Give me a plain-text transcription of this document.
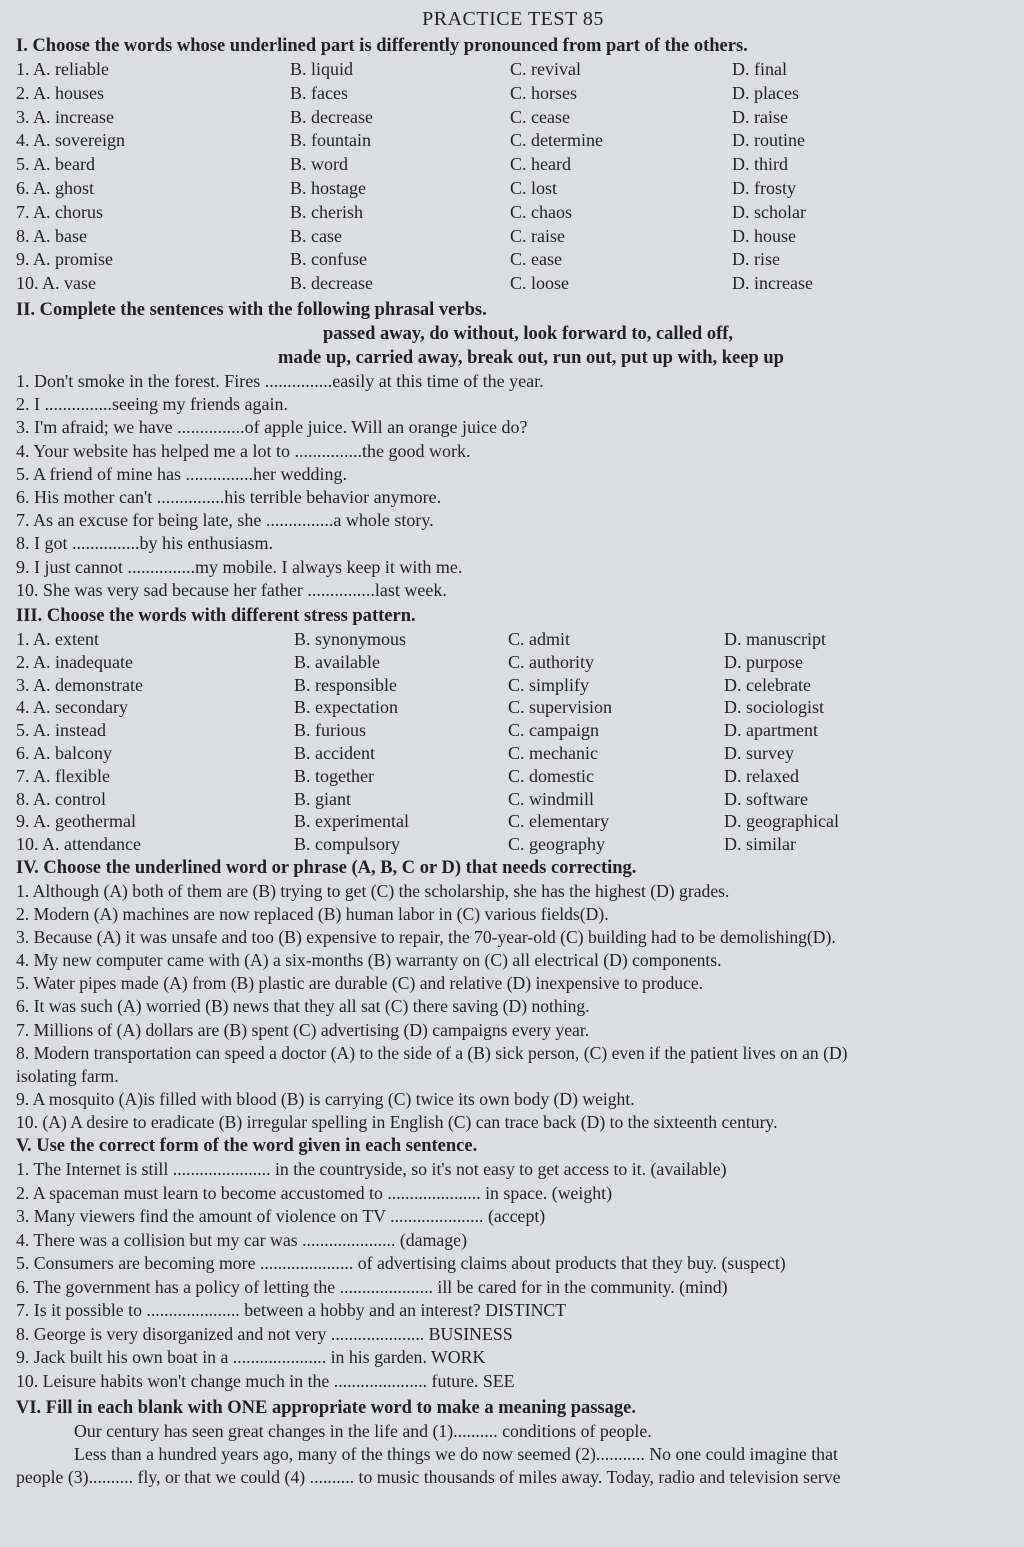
PRACTICE TEST 85
I. Choose the words whose underlined part is differently pronounced from part of the others.
1. A. reliable	B. liquid	C. revival	D. final
2. A. houses	B. faces	C. horses	D. places
3. A. increase	B. decrease	C. cease	D. raise
4. A. sovereign	B. fountain	C. determine	D. routine
5. A. beard	B. word	C. heard	D. third
6. A. ghost	B. hostage	C. lost	D. frosty
7. A. chorus	B. cherish	C. chaos	D. scholar
8. A. base	B. case	C. raise	D. house
9. A. promise	B. confuse	C. ease	D. rise
10. A. vase	B. decrease	C. loose	D. increase
II. Complete the sentences with the following phrasal verbs.
passed away, do without, look forward to, called off,
made up, carried away, break out, run out, put up with, keep up
1. Don't smoke in the forest. Fires ...............easily at this time of the year.
2. I ...............seeing my friends again.
3. I'm afraid; we have ...............of apple juice. Will an orange juice do?
4. Your website has helped me a lot to ...............the good work.
5. A friend of mine has ...............her wedding.
6. His mother can't ...............his terrible behavior anymore.
7. As an excuse for being late, she ...............a whole story.
8. I got ...............by his enthusiasm.
9. I just cannot ...............my mobile. I always keep it with me.
10. She was very sad because her father ...............last week.
III. Choose the words with different stress pattern.
1. A. extent	B. synonymous	C. admit	D. manuscript
2. A. inadequate	B. available	C. authority	D. purpose
3. A. demonstrate	B. responsible	C. simplify	D. celebrate
4. A. secondary	B. expectation	C. supervision	D. sociologist
5. A. instead	B. furious	C. campaign	D. apartment
6. A. balcony	B. accident	C. mechanic	D. survey
7. A. flexible	B. together	C. domestic	D. relaxed
8. A. control	B. giant	C. windmill	D. software
9. A. geothermal	B. experimental	C. elementary	D. geographical
10. A. attendance	B. compulsory	C. geography	D. similar
IV. Choose the underlined word or phrase (A, B, C or D) that needs correcting.
1. Although (A) both of them are (B) trying to get (C) the scholarship, she has the highest (D) grades.
2. Modern (A) machines are now replaced (B) human labor in (C) various fields(D).
3. Because (A) it was unsafe and too (B) expensive to repair, the 70-year-old (C) building had to be demolishing(D).
4. My new computer came with (A) a six-months (B) warranty on (C) all electrical (D) components.
5. Water pipes made (A) from (B) plastic are durable (C) and relative (D) inexpensive to produce.
6. It was such (A) worried (B) news that they all sat (C) there saving (D) nothing.
7. Millions of (A) dollars are (B) spent (C) advertising (D) campaigns every year.
8. Modern transportation can speed a doctor (A) to the side of a (B) sick person, (C) even if the patient lives on an (D)
isolating farm.
9. A mosquito (A)is filled with blood (B) is carrying (C) twice its own body (D) weight.
10. (A) A desire to eradicate (B) irregular spelling in English (C) can trace back (D) to the sixteenth century.
V. Use the correct form of the word given in each sentence.
1. The Internet is still ...................... in the countryside, so it's not easy to get access to it. (available)
2. A spaceman must learn to become accustomed to ..................... in space. (weight)
3. Many viewers find the amount of violence on TV ..................... (accept)
4. There was a collision but my car was ..................... (damage)
5. Consumers are becoming more ..................... of advertising claims about products that they buy. (suspect)
6. The government has a policy of letting the ..................... ill be cared for in the community. (mind)
7. Is it possible to ..................... between a hobby and an interest? DISTINCT
8. George is very disorganized and not very ..................... BUSINESS
9. Jack built his own boat in a ..................... in his garden. WORK
10. Leisure habits won't change much in the ..................... future. SEE
VI. Fill in each blank with ONE appropriate word to make a meaning passage.
Our century has seen great changes in the life and (1).......... conditions of people.
Less than a hundred years ago, many of the things we do now seemed (2)........... No one could imagine that
people (3).......... fly, or that we could (4) .......... to music thousands of miles away. Today, radio and television serve
